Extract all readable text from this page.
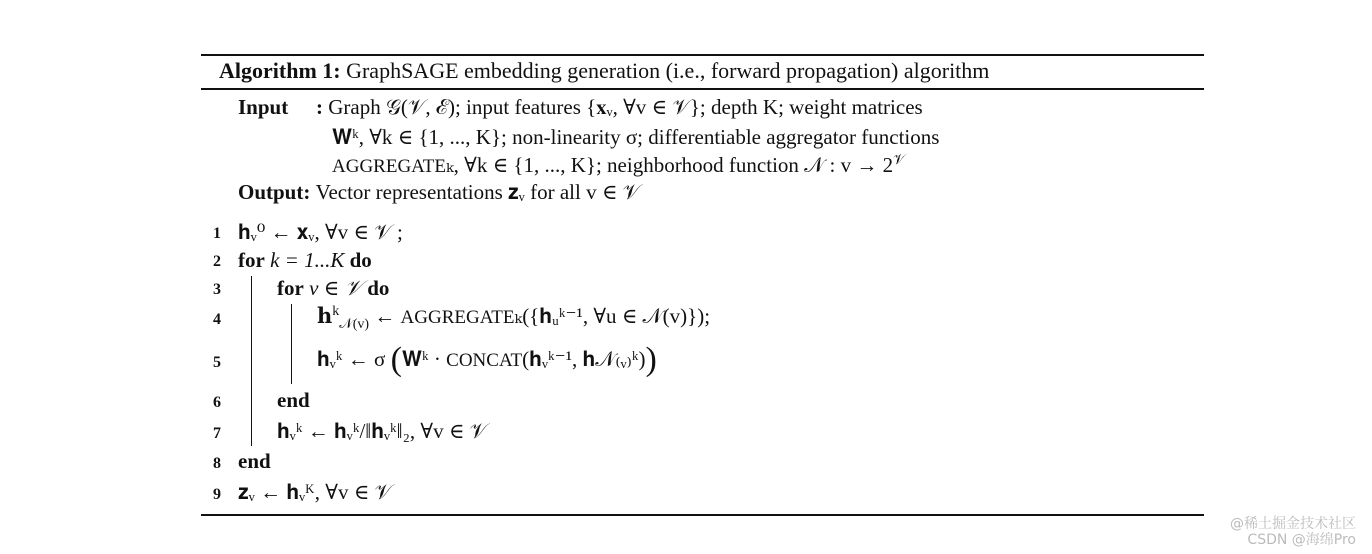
Algorithm 1: GraphSAGE embedding generation (i.e., forward propagation) algorithm
Input : Graph 𝒢(𝒱, ℰ); input features {𝐱ᵥ, ∀v ∈ 𝒱}; depth K; weight matrices
𝐖ᵏ, ∀k ∈ {1, ..., K}; non-linearity σ; differentiable aggregator functions
AGGREGATEₖ, ∀k ∈ {1, ..., K}; neighborhood function 𝒩 : $v \to 2^𝒱$
Output: Vector representations 𝐳ᵥ for all v ∈ 𝒱
1 𝐡ᵥ⁰ ← 𝐱ᵥ, ∀v ∈ 𝒱 ;
2 for k = 1...K do
3	for v ∈ 𝒱 do
4	𝐡$^k_{𝒩(v)}$ ← AGGREGATEₖ({𝐡ᵤᵏ⁻¹, ∀u ∈ 𝒩(v)});
5	𝐡ᵥᵏ ← σ (𝐖ᵏ · CONCAT(𝐡ᵥᵏ⁻¹, 𝐡𝒩₍ᵥ₎ᵏ))
6	end
7	𝐡ᵥᵏ ← 𝐡ᵥᵏ/‖𝐡ᵥᵏ‖₂, ∀v ∈ 𝒱
8 end
9 𝐳ᵥ ← 𝐡ᵥᴷ, ∀v ∈ 𝒱
@稀土掘金技术社区
CSDN @海绵Pro
